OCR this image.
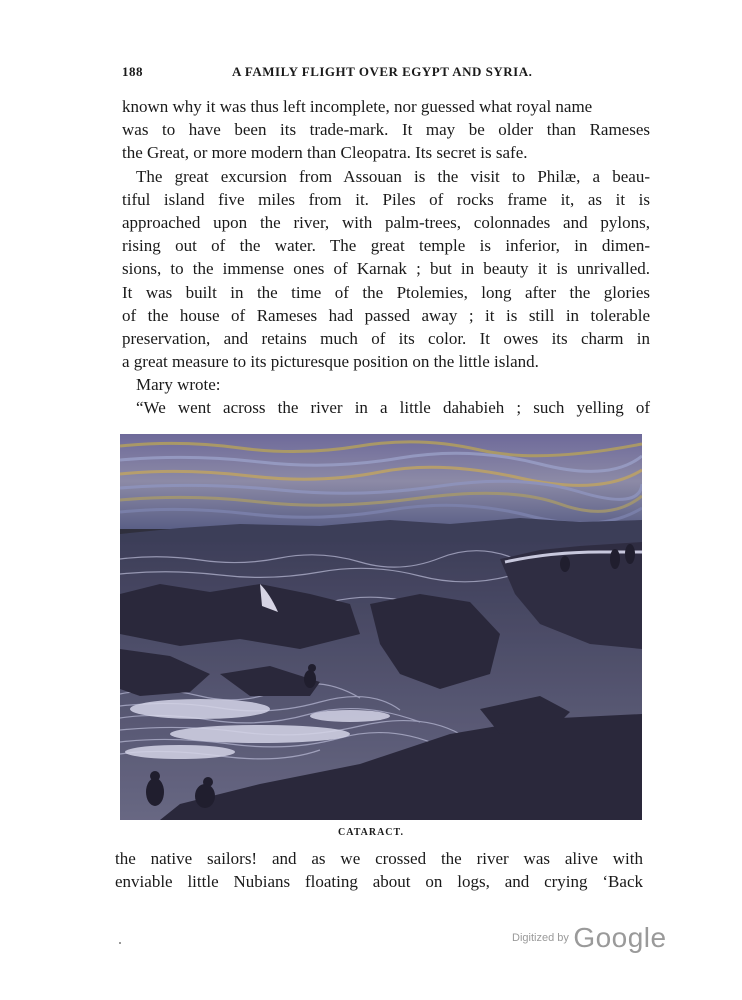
188	A FAMILY FLIGHT OVER EGYPT AND SYRIA.
known why it was thus left incomplete, nor guessed what royal name
was to have been its trade-mark. It may be older than Rameses
the Great, or more modern than Cleopatra. Its secret is safe.
The great excursion from Assouan is the visit to Philæ, a beau-
tiful island five miles from it. Piles of rocks frame it, as it is
approached upon the river, with palm-trees, colonnades and pylons,
rising out of the water. The great temple is inferior, in dimen-
sions, to the immense ones of Karnak ; but in beauty it is unrivalled.
It was built in the time of the Ptolemies, long after the glories
of the house of Rameses had passed away ; it is still in tolerable
preservation, and retains much of its color. It owes its charm in
a great measure to its picturesque position on the little island.
Mary wrote:
“We went across the river in a little dahabieh ; such yelling of
CATARACT.
the native sailors! and as we crossed the river was alive with
enviable little Nubians floating about on logs, and crying ‘Back
Digitized by Google
